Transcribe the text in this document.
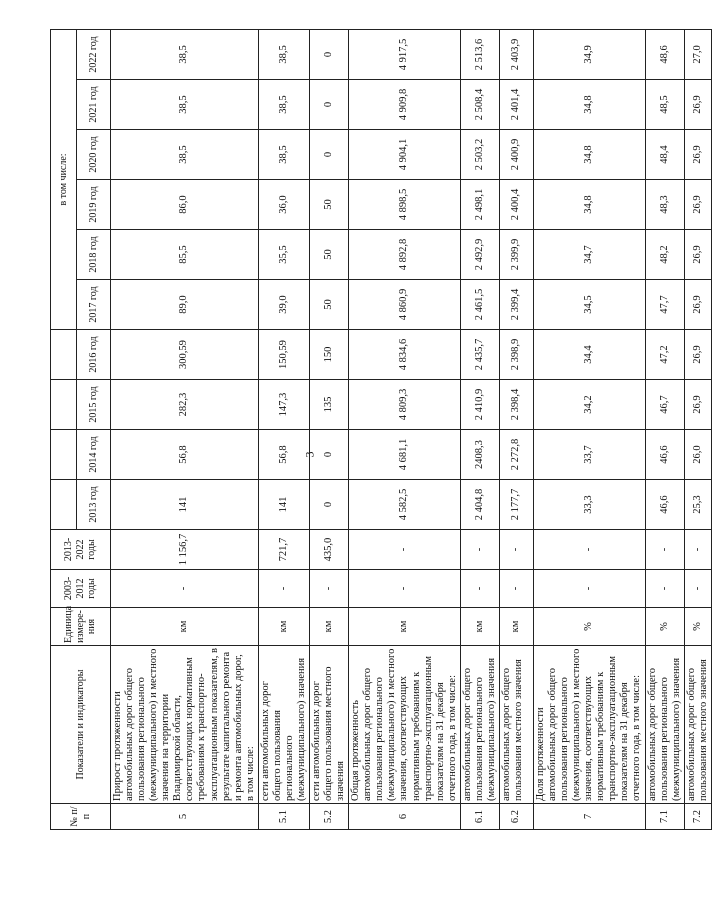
3
№ п/п	Показатели и индикаторы	Единица измере-ния	2003-2012 годы	2013-2022 годы					в том числе:					
					2013 год	2014 год	2015 год	2016 год	2017 год	2018 год	2019 год	2020 год	2021 год	2022 год
5	Прирост протяженности автомобильных дорог общего пользования регионального (межмуниципального) и местного значения на территории Владимирской области, соответствующих нормативным требованиям к транспортно-эксплуатационным показателям, в результате капитального ремонта и ремонта автомобильных дорог, в том числе:	км	-	1 156,7	141	56,8	282,3	300,59	89,0	85,5	86,0	38,5	38,5	38,5
5.1	сети автомобильных дорог общего пользования регионального (межмуниципального) значения	км	-	721,7	141	56,8	147,3	150,59	39,0	35,5	36,0	38,5	38,5	38,5
5.2	сети автомобильных дорог общего пользования местного значения	км	-	435,0	0	0	135	150	50	50	50	0	0	0
6	Общая протяженность автомобильных дорог общего пользования регионального (межмуниципального) и местного значения, соответствующих нормативным требованиям к транспортно-эксплуатационным показателям на 31 декабря отчетного года, в том числе:	км	-	-	4 582,5	4 681,1	4 809,3	4 834,6	4 860,9	4 892,8	4 898,5	4 904,1	4 909,8	4 917,5
6.1	автомобильных дорог общего пользования регионального (межмуниципального) значения	км	-	-	2 404,8	2408,3	2 410,9	2 435,7	2 461,5	2 492,9	2 498,1	2 503,2	2 508,4	2 513,6
6.2	автомобильных дорог общего пользования местного значения	км	-	-	2 177,7	2 272,8	2 398,4	2 398,9	2 399,4	2 399,9	2 400,4	2 400,9	2 401,4	2 403,9
7	Доля протяженности автомобильных дорог общего пользования регионального (межмуниципального) и местного значения, соответствующих нормативным требованиям к транспортно-эксплуатационным показателям на 31 декабря отчетного года, в том числе:	%	-	-	33,3	33,7	34,2	34,4	34,5	34,7	34,8	34,8	34,8	34,9
7.1	автомобильных дорог общего пользования регионального (межмуниципального) значения	%	-	-	46,6	46,6	46,7	47,2	47,7	48,2	48,3	48,4	48,5	48,6
7.2	автомобильных дорог общего пользования местного значения	%	-	-	25,3	26,0	26,9	26,9	26,9	26,9	26,9	26,9	26,9	27,0
